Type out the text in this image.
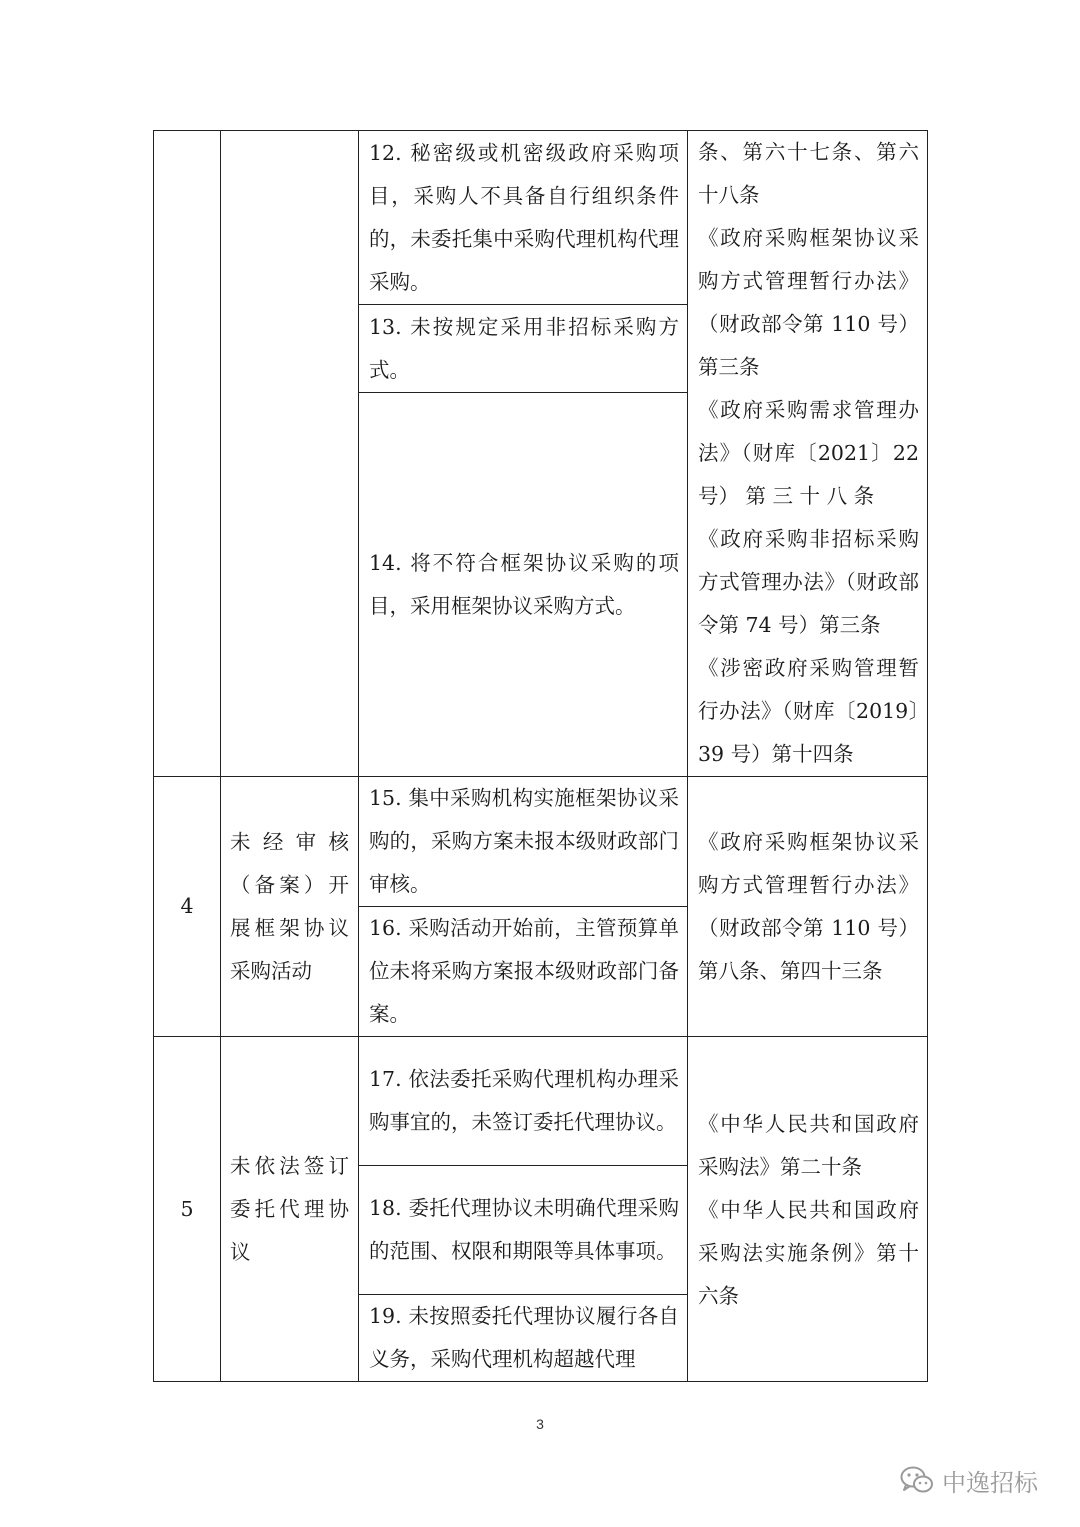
		12. 秘密级或机密级政府采购项目，采购人不具备自行组织条件的，未委托集中采购代理机构代理采购。	条、第六十七条、第六十八条
《政府采购框架协议采购方式管理暂行办法》（财政部令第 110 号）第三条
《政府采购需求管理办法》（财库〔2021〕22 号） 第 三 十 八 条
《政府采购非招标采购方式管理办法》（财政部令第 74 号）第三条
《涉密政府采购管理暂行办法》（财库〔2019〕39 号）第十四条

		13. 未按规定采用非招标采购方式。	

		14. 将不符合框架协议采购的项目，采用框架协议采购方式。	

4	未经审核（备案）开展框架协议采购活动	15. 集中采购机构实施框架协议采购的，采购方案未报本级财政部门审核。	《政府采购框架协议采购方式管理暂行办法》（财政部令第 110 号）第八条、第四十三条

		16. 采购活动开始前，主管预算单位未将采购方案报本级财政部门备案。	

5	未依法签订委托代理协议	17. 依法委托采购代理机构办理采购事宜的，未签订委托代理协议。	《中华人民共和国政府采购法》第二十条
《中华人民共和国政府采购法实施条例》第十六条

		18. 委托代理协议未明确代理采购的范围、权限和期限等具体事项。	

		19. 未按照委托代理协议履行各自义务，采购代理机构超越代理	
3
中逸招标
